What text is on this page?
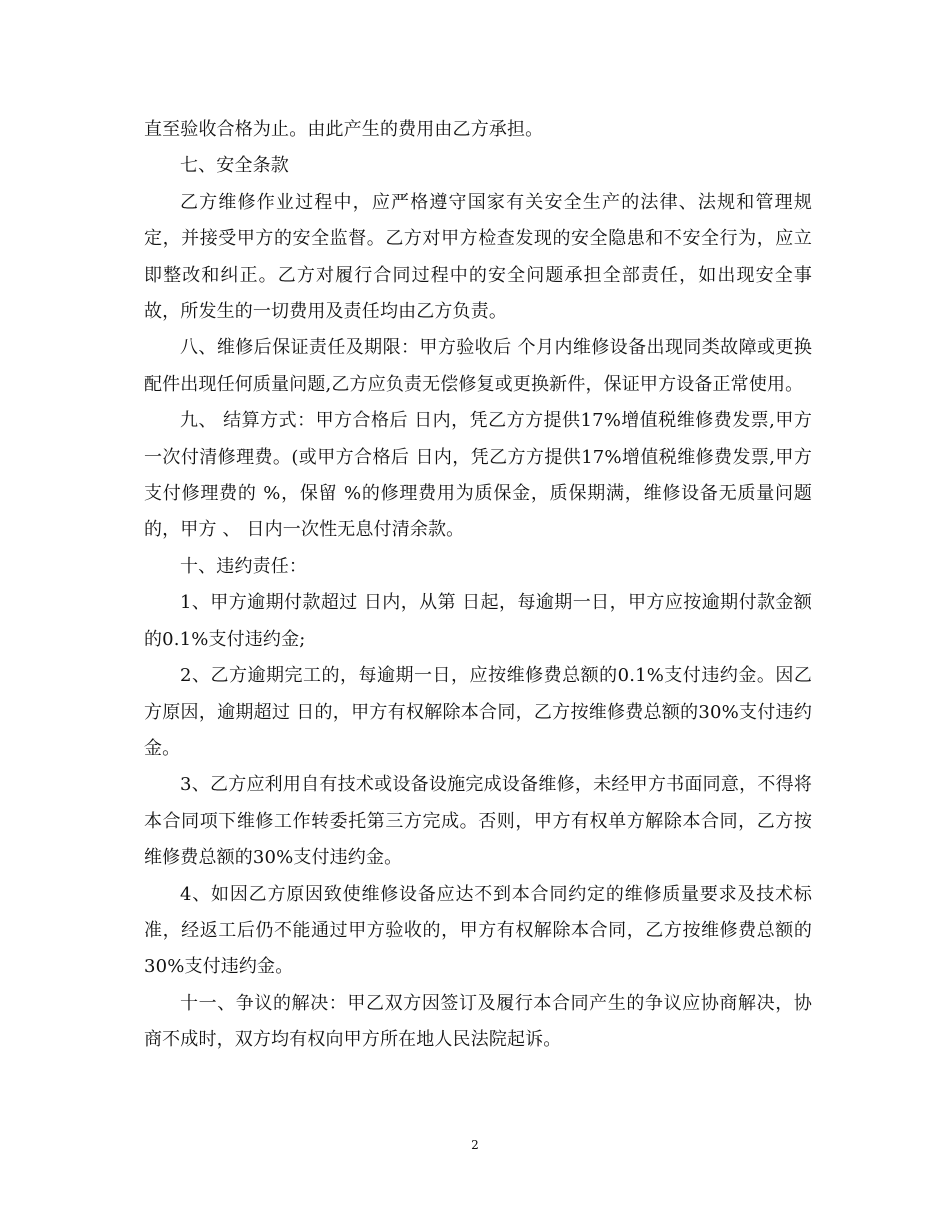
直至验收合格为止。由此产生的费用由乙方承担。

七、安全条款

乙方维修作业过程中，应严格遵守国家有关安全生产的法律、法规和管理规定，并接受甲方的安全监督。乙方对甲方检查发现的安全隐患和不安全行为，应立即整改和纠正。乙方对履行合同过程中的安全问题承担全部责任，如出现安全事故，所发生的一切费用及责任均由乙方负责。

八、维修后保证责任及期限：甲方验收后 个月内维修设备出现同类故障或更换配件出现任何质量问题,乙方应负责无偿修复或更换新件，保证甲方设备正常使用。

九、 结算方式：甲方合格后 日内，凭乙方方提供17%增值税维修费发票,甲方一次付清修理费。(或甲方合格后 日内，凭乙方方提供17%增值税维修费发票,甲方支付修理费的 %，保留 %的修理费用为质保金，质保期满，维修设备无质量问题的，甲方 、 日内一次性无息付清余款。

十、违约责任：

1、甲方逾期付款超过 日内，从第 日起，每逾期一日，甲方应按逾期付款金额的0.1%支付违约金;

2、乙方逾期完工的，每逾期一日，应按维修费总额的0.1%支付违约金。因乙方原因，逾期超过 日的，甲方有权解除本合同，乙方按维修费总额的30%支付违约金。

3、乙方应利用自有技术或设备设施完成设备维修，未经甲方书面同意，不得将本合同项下维修工作转委托第三方完成。否则，甲方有权单方解除本合同，乙方按维修费总额的30%支付违约金。

4、如因乙方原因致使维修设备应达不到本合同约定的维修质量要求及技术标准，经返工后仍不能通过甲方验收的，甲方有权解除本合同，乙方按维修费总额的30%支付违约金。

十一、争议的解决：甲乙双方因签订及履行本合同产生的争议应协商解决，协商不成时，双方均有权向甲方所在地人民法院起诉。

2
